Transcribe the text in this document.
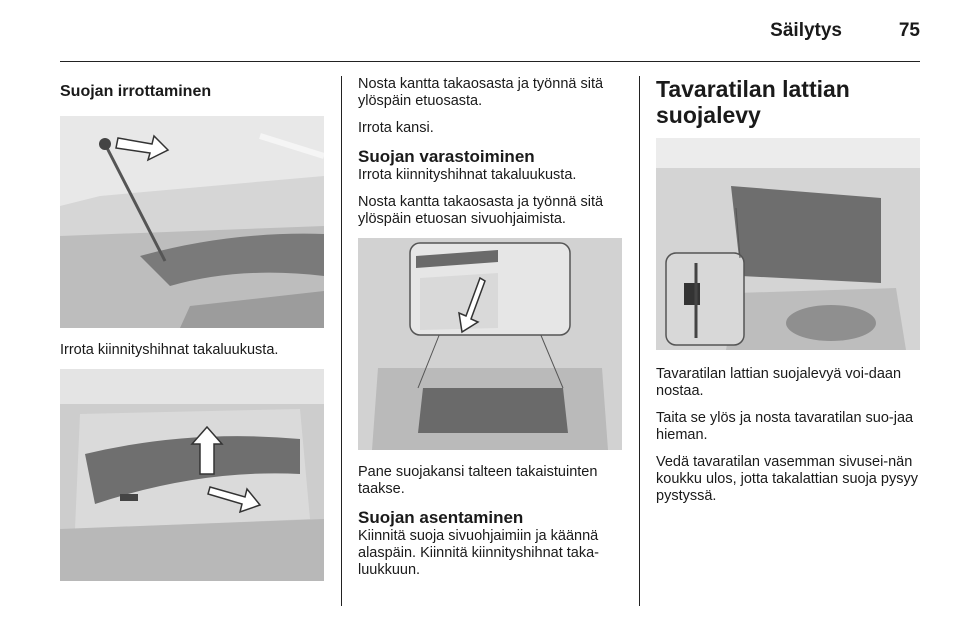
Säilytys	75
Suojan irrottaminen

Irrota kiinnityshihnat takaluukusta.

Nosta kantta takaosasta ja työnnä sitä ylöspäin etuosasta.

Irrota kansi.

Suojan varastoiminen

Irrota kiinnityshihnat takaluukusta.

Nosta kantta takaosasta ja työnnä sitä ylöspäin etuosan sivuohjaimista.

Pane suojakansi talteen takaistuinten taakse.

Suojan asentaminen

Kiinnitä suoja sivuohjaimiin ja käännä alaspäin. Kiinnitä kiinnityshihnat taka-luukkuun.

Tavaratilan lattian suojalevy

Tavaratilan lattian suojalevyä voi-daan nostaa.

Taita se ylös ja nosta tavaratilan suo-jaa hieman.

Vedä tavaratilan vasemman sivusei-nän koukku ulos, jotta takalattian suoja pysyy pystyssä.
